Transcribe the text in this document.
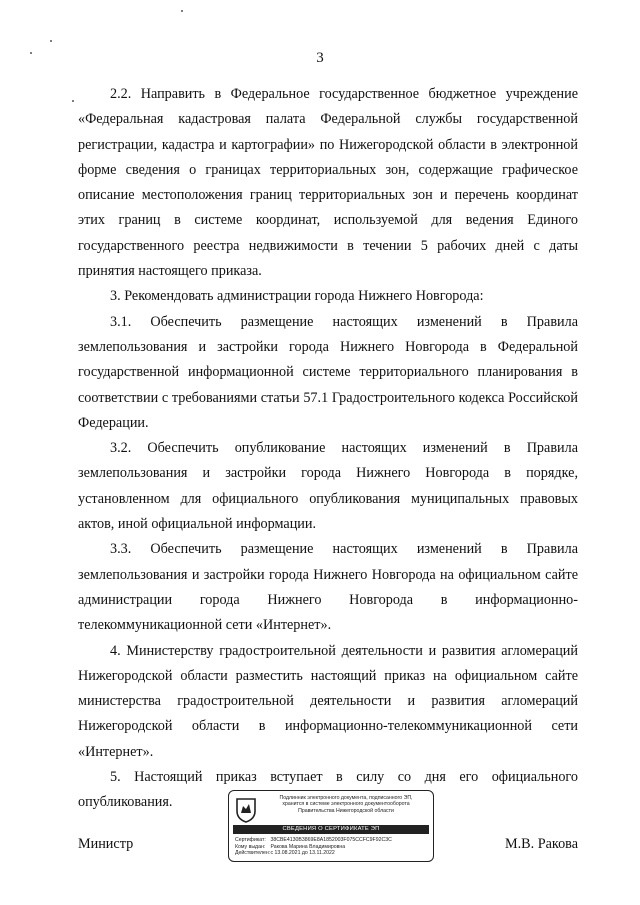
3

2.2. Направить в Федеральное государственное бюджетное учреждение «Федеральная кадастровая палата Федеральной службы государственной регистрации, кадастра и картографии» по Нижегородской области в электронной форме сведения о границах территориальных зон, содержащие графическое описание местоположения границ территориальных зон и перечень координат этих границ в системе координат, используемой для ведения Единого государственного реестра недвижимости в течении 5 рабочих дней с даты принятия настоящего приказа.

3. Рекомендовать администрации города Нижнего Новгорода:

3.1. Обеспечить размещение настоящих изменений в Правила землепользования и застройки города Нижнего Новгорода в Федеральной государственной информационной системе территориального планирования в соответствии с требованиями статьи 57.1 Градостроительного кодекса Российской Федерации.

3.2. Обеспечить опубликование настоящих изменений в Правила землепользования и застройки города Нижнего Новгорода в порядке, установленном для официального опубликования муниципальных правовых актов, иной официальной информации.

3.3. Обеспечить размещение настоящих изменений в Правила землепользования и застройки города Нижнего Новгорода на официальном сайте администрации города Нижнего Новгорода в информационно-телекоммуникационной сети «Интернет».

4. Министерству градостроительной деятельности и развития агломераций Нижегородской области разместить настоящий приказ на официальном сайте министерства градостроительной деятельности и развития агломераций Нижегородской области в информационно-телекоммуникационной сети «Интернет».

5. Настоящий приказ вступает в силу со дня его официального опубликования.

Министр
Подлинник электронного документа, подписанного ЭП,
хранится в системе электронного документооборота
Правительства Нижегородской области
СВЕДЕНИЯ О СЕРТИФИКАТЕ ЭП
Сертификат: 38CBE4130B3869E8A1852003F075CCFC9F92C3C
Кому выдан: Ракова Марина Владимировна
Действителен: с 13.08.2021 до 13.11.2022
М.В. Ракова
